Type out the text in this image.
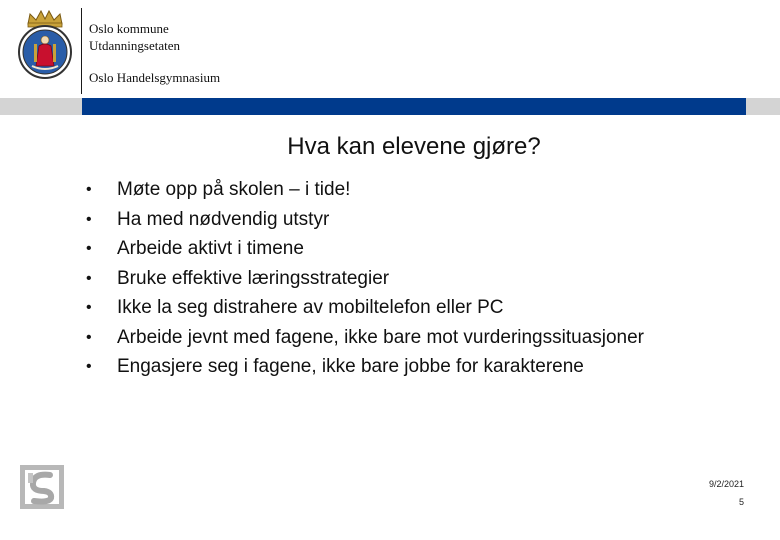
Oslo kommune
Utdanningsetaten
Oslo Handelsgymnasium
Hva kan elevene gjøre?
• Møte opp på skolen – i tide!
• Ha med nødvendig utstyr
• Arbeide aktivt i timene
• Bruke effektive læringsstrategier
• Ikke la seg distrahere av mobiltelefon eller PC
• Arbeide jevnt med fagene, ikke bare mot vurderingssituasjoner
• Engasjere seg i fagene, ikke bare jobbe for karakterene
9/2/2021
5
